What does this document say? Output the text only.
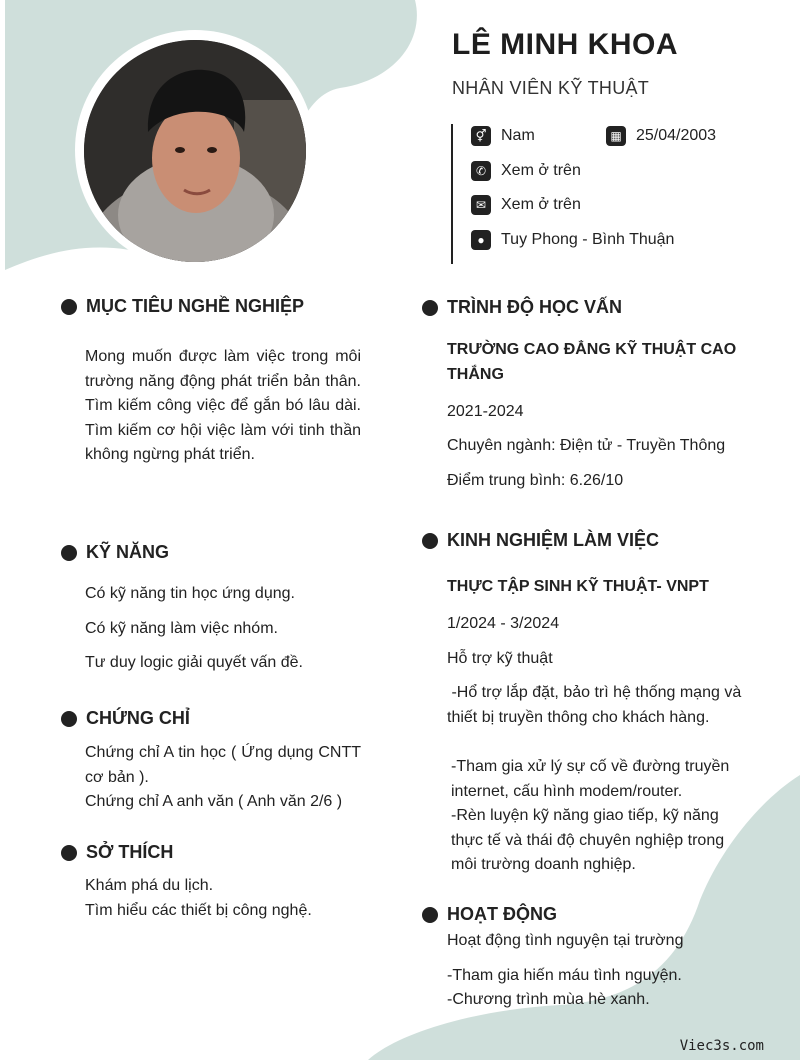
LÊ MINH KHOA
NHÂN VIÊN KỸ THUẬT
⚥ Nam	▦ 25/04/2003
✆ Xem ở trên
✉ Xem ở trên
●	Tuy Phong - Bình Thuận
MỤC TIÊU NGHỀ NGHIỆP
Mong muốn được làm việc trong môi trường năng động phát triển bản thân. Tìm kiếm công việc để gắn bó lâu dài. Tìm kiếm cơ hội việc làm với tinh thần không ngừng phát triển.
KỸ NĂNG
Có kỹ năng tin học ứng dụng.
Có kỹ năng làm việc nhóm.
Tư duy logic giải quyết vấn đề.
CHỨNG CHỈ
Chứng chỉ A tin học ( Ứng dụng CNTT cơ bản ).
Chứng chỉ A anh văn ( Anh văn 2/6 )
SỞ THÍCH
Khám phá du lịch.
Tìm hiểu các thiết bị công nghệ.
TRÌNH ĐỘ HỌC VẤN
TRƯỜNG CAO ĐẲNG KỸ THUẬT CAO THẮNG
2021-2024
Chuyên ngành: Điện tử - Truyền Thông
Điểm trung bình: 6.26/10
KINH NGHIỆM LÀM VIỆC
THỰC TẬP SINH KỸ THUẬT- VNPT
1/2024 - 3/2024
Hỗ trợ kỹ thuật
-Hổ trợ lắp đặt, bảo trì hệ thống mạng và   thiết bị truyền thông cho khách hàng.
-Tham gia xử lý sự cố về đường truyền internet, cấu hình modem/router.
-Rèn luyện kỹ năng giao tiếp, kỹ năng thực tế và thái độ chuyên nghiệp trong môi trường doanh nghiệp.
HOẠT ĐỘNG
Hoạt động tình nguyện tại trường
-Tham gia hiến máu tình nguyện.
-Chương trình mùa hè xanh.
Viec3s.com
